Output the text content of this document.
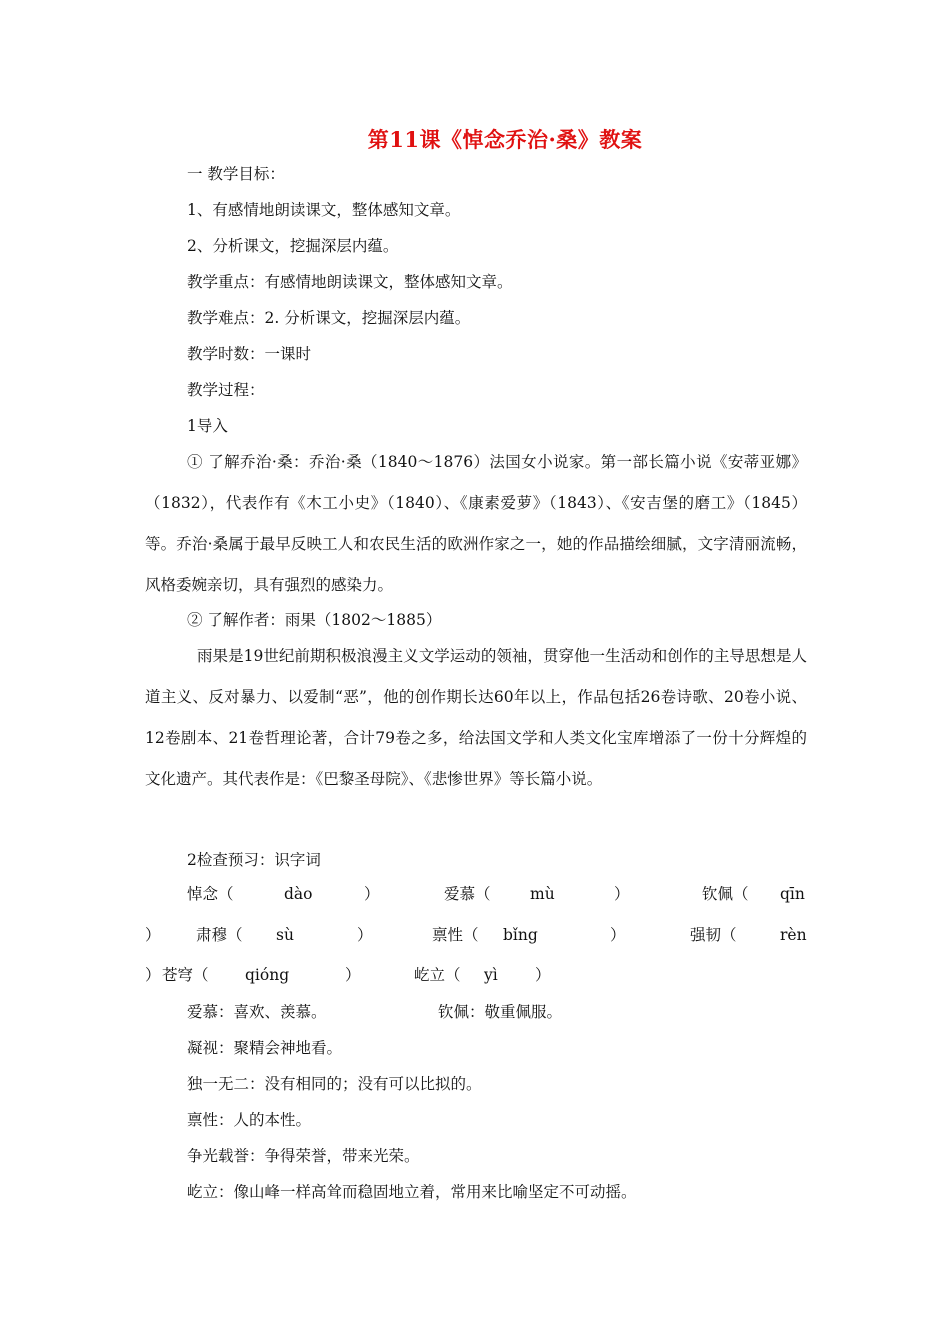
第11课《悼念乔治·桑》教案
一 教学目标：
1、有感情地朗读课文，整体感知文章。
2、分析课文，挖掘深层内蕴。
教学重点：有感情地朗读课文，整体感知文章。
教学难点：2. 分析课文，挖掘深层内蕴。
教学时数：一课时
教学过程：
1导入
① 了解乔治·桑：乔治·桑（1840～1876）法国女小说家。第一部长篇小说《安蒂亚娜》（1832），代表作有《木工小史》（1840）、《康素爱萝》（1843）、《安吉堡的磨工》（1845）等。乔治·桑属于最早反映工人和农民生活的欧洲作家之一，她的作品描绘细腻，文字清丽流畅，风格委婉亲切，具有强烈的感染力。
② 了解作者：雨果（1802～1885）
雨果是19世纪前期积极浪漫主义文学运动的领袖，贯穿他一生活动和创作的主导思想是人道主义、反对暴力、以爱制“恶”，他的创作期长达60年以上，作品包括26卷诗歌、20卷小说、12卷剧本、21卷哲理论著，合计79卷之多，给法国文学和人类文化宝库增添了一份十分辉煌的文化遗产。其代表作是：《巴黎圣母院》、《悲惨世界》等长篇小说。
2检查预习：识字词
悼念（	dào	）	爱慕（	mù	）	钦佩（ qīn
） 肃穆（ sù	）	禀性（ bǐng	）	强韧（	rèn
） 苍穹（ qióng	）	屹立（ yì ）
爱慕：喜欢、羡慕。	钦佩：敬重佩服。
凝视：聚精会神地看。
独一无二：没有相同的；没有可以比拟的。
禀性：人的本性。
争光载誉：争得荣誉，带来光荣。
屹立：像山峰一样高耸而稳固地立着，常用来比喻坚定不可动摇。
